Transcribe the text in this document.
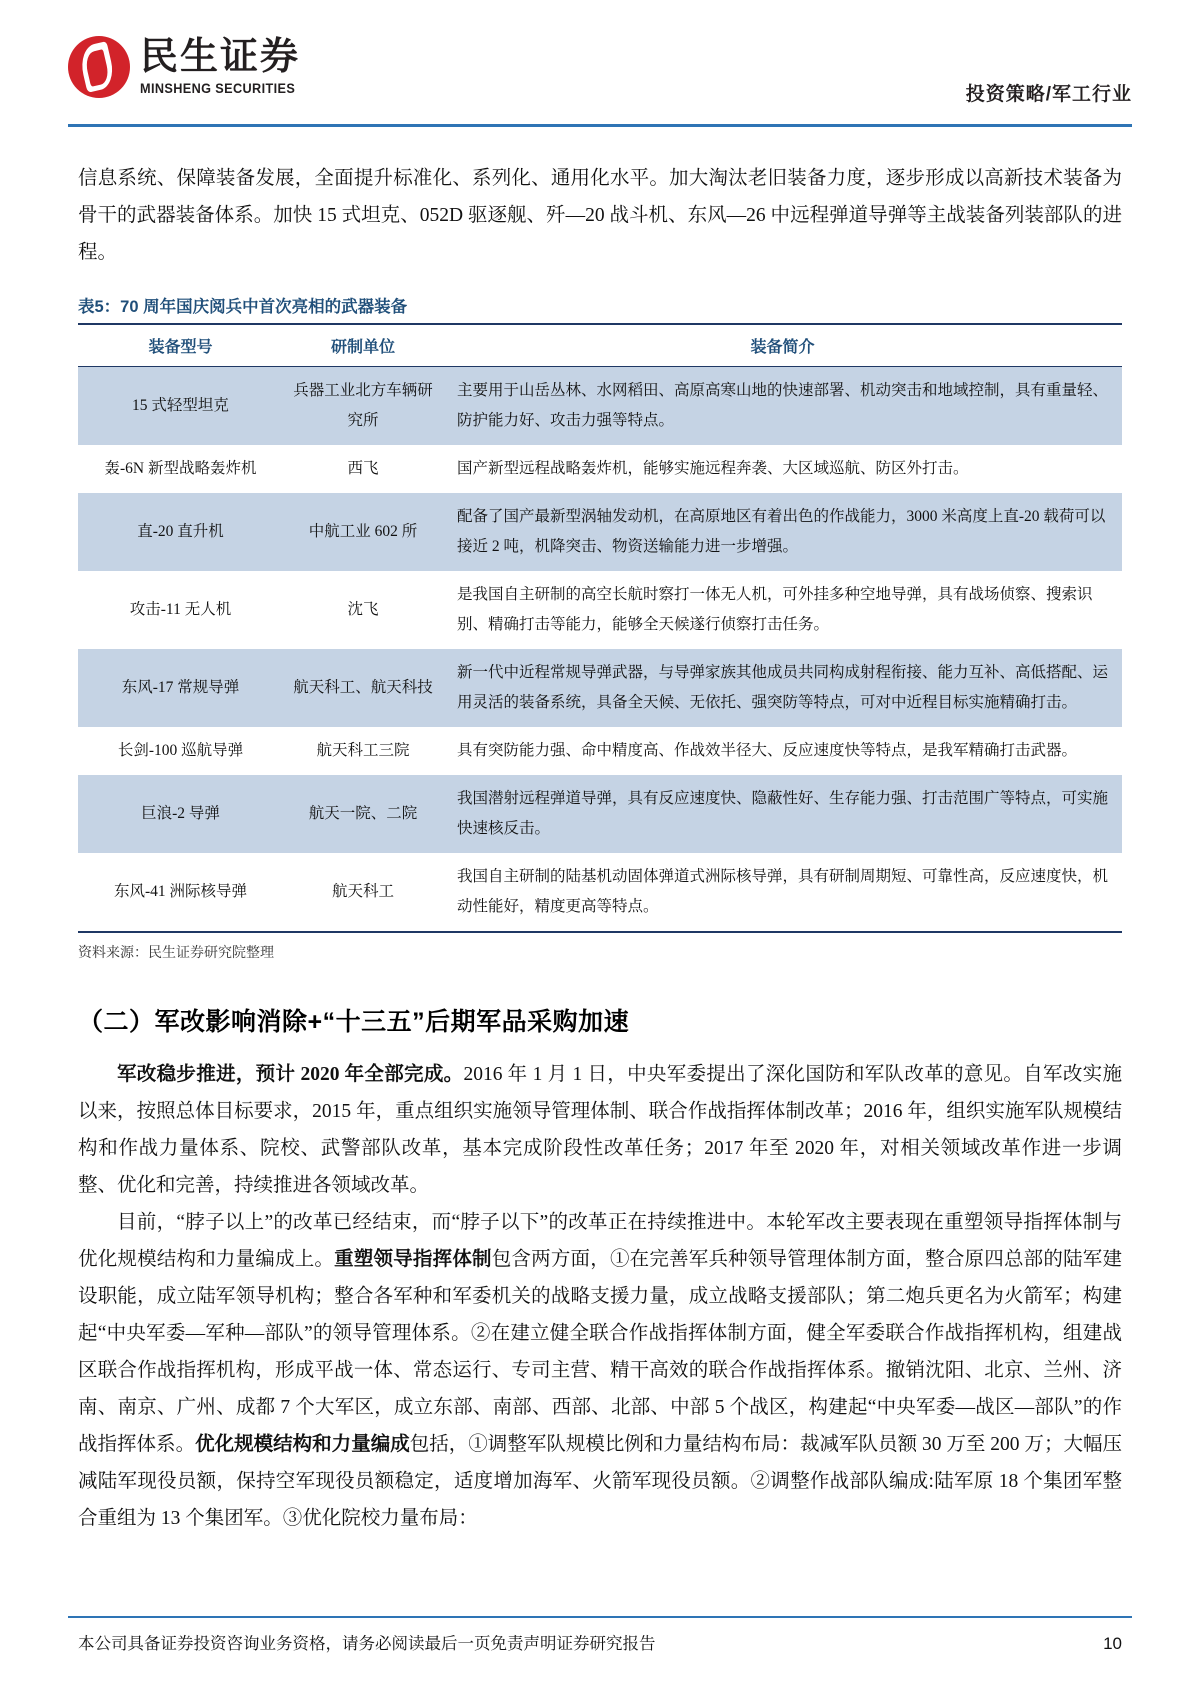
民生证券
MINSHENG SECURITIES	投资策略/军工行业

信息系统、保障装备发展，全面提升标准化、系列化、通用化水平。加大淘汰老旧装备力度，逐步形成以高新技术装备为骨干的武器装备体系。加快 15 式坦克、052D 驱逐舰、歼—20 战斗机、东风—26 中远程弹道导弹等主战装备列装部队的进程。

表5：70 周年国庆阅兵中首次亮相的武器装备
装备型号	研制单位	装备简介
15 式轻型坦克	兵器工业北方车辆研究所	主要用于山岳丛林、水网稻田、高原高寒山地的快速部署、机动突击和地域控制，具有重量轻、防护能力好、攻击力强等特点。
轰-6N 新型战略轰炸机	西飞	国产新型远程战略轰炸机，能够实施远程奔袭、大区域巡航、防区外打击。
直-20 直升机	中航工业 602 所	配备了国产最新型涡轴发动机，在高原地区有着出色的作战能力，3000 米高度上直-20 载荷可以接近 2 吨，机降突击、物资送输能力进一步增强。
攻击-11 无人机	沈飞	是我国自主研制的高空长航时察打一体无人机，可外挂多种空地导弹，具有战场侦察、搜索识别、精确打击等能力，能够全天候遂行侦察打击任务。
东风-17 常规导弹	航天科工、航天科技	新一代中近程常规导弹武器，与导弹家族其他成员共同构成射程衔接、能力互补、高低搭配、运用灵活的装备系统，具备全天候、无依托、强突防等特点，可对中近程目标实施精确打击。
长剑-100 巡航导弹	航天科工三院	具有突防能力强、命中精度高、作战效半径大、反应速度快等特点，是我军精确打击武器。
巨浪-2 导弹	航天一院、二院	我国潜射远程弹道导弹，具有反应速度快、隐蔽性好、生存能力强、打击范围广等特点，可实施快速核反击。
东风-41 洲际核导弹	航天科工	我国自主研制的陆基机动固体弹道式洲际核导弹，具有研制周期短、可靠性高，反应速度快，机动性能好，精度更高等特点。
资料来源：民生证券研究院整理
（二）军改影响消除+“十三五”后期军品采购加速

军改稳步推进，预计 2020 年全部完成。2016 年 1 月 1 日，中央军委提出了深化国防和军队改革的意见。自军改实施以来，按照总体目标要求，2015 年，重点组织实施领导管理体制、联合作战指挥体制改革；2016 年，组织实施军队规模结构和作战力量体系、院校、武警部队改革，基本完成阶段性改革任务；2017 年至 2020 年，对相关领域改革作进一步调整、优化和完善，持续推进各领域改革。

目前，“脖子以上”的改革已经结束，而“脖子以下”的改革正在持续推进中。本轮军改主要表现在重塑领导指挥体制与优化规模结构和力量编成上。重塑领导指挥体制包含两方面，①在完善军兵种领导管理体制方面，整合原四总部的陆军建设职能，成立陆军领导机构；整合各军种和军委机关的战略支援力量，成立战略支援部队；第二炮兵更名为火箭军；构建起“中央军委—军种—部队”的领导管理体系。②在建立健全联合作战指挥体制方面，健全军委联合作战指挥机构，组建战区联合作战指挥机构，形成平战一体、常态运行、专司主营、精干高效的联合作战指挥体系。撤销沈阳、北京、兰州、济南、南京、广州、成都 7 个大军区，成立东部、南部、西部、北部、中部 5 个战区，构建起“中央军委—战区—部队”的作战指挥体系。优化规模结构和力量编成包括，①调整军队规模比例和力量结构布局：裁减军队员额 30 万至 200 万；大幅压减陆军现役员额，保持空军现役员额稳定，适度增加海军、火箭军现役员额。②调整作战部队编成:陆军原 18 个集团军整合重组为 13 个集团军。③优化院校力量布局：

本公司具备证券投资咨询业务资格，请务必阅读最后一页免责声明证券研究报告	10
